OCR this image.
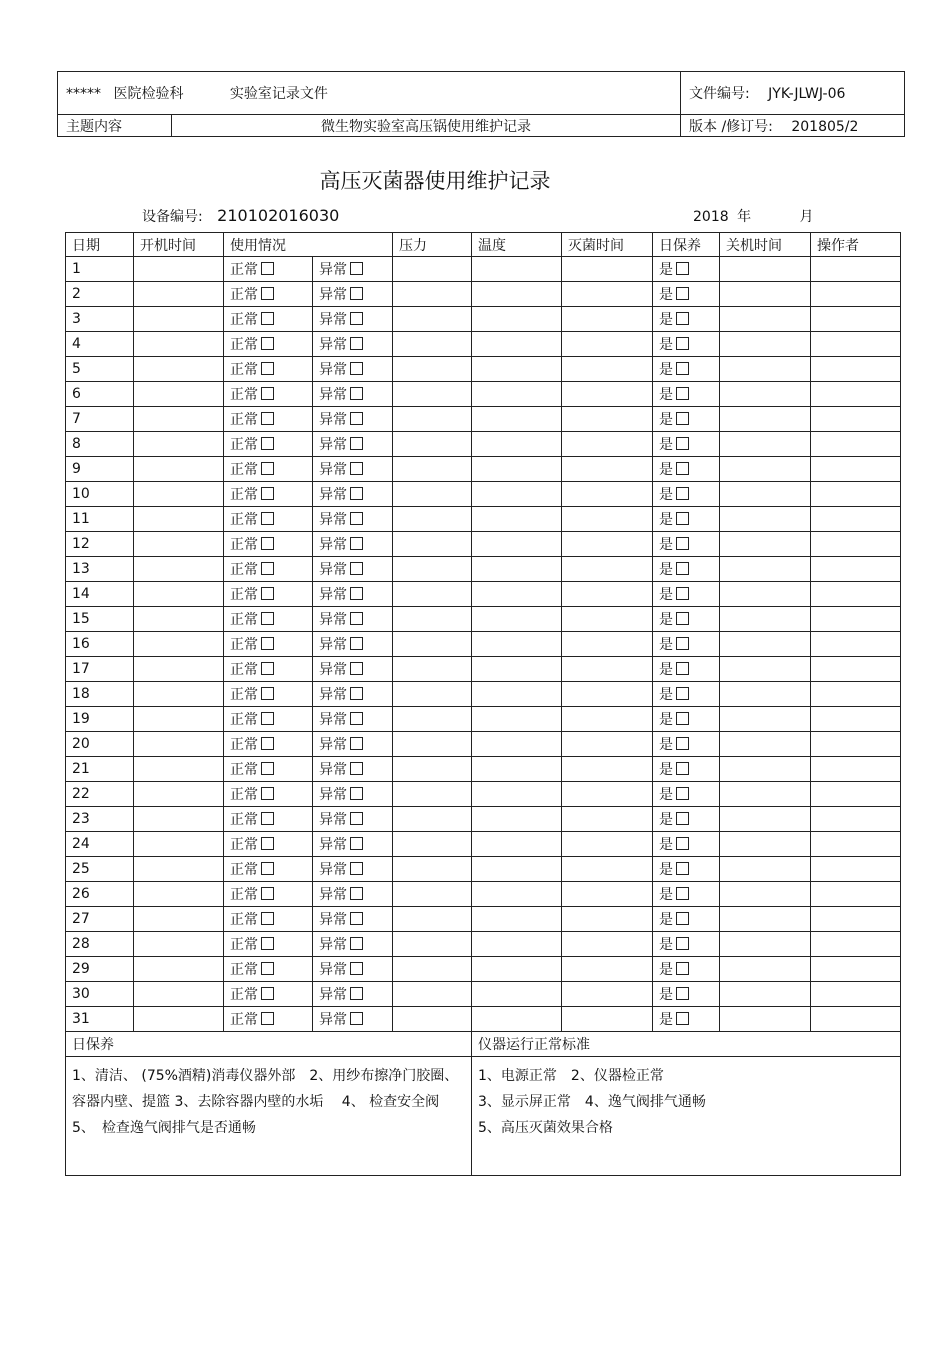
***** 医院检验科 实验室记录文件		文件编号: JYK-JLWJ-06
主题内容	微生物实验室高压锅使用维护记录	版本 /修订号: 201805/2
高压灭菌器使用维护记录
设备编号: 210102016030	2018 年	月
日期	开机时间	使用情况		压力	温度	灭菌时间	日保养	关机时间	操作者
1		正常	异常				是		
2		正常	异常				是		
3		正常	异常				是		
4		正常	异常				是		
5		正常	异常				是		
6		正常	异常				是		
7		正常	异常				是		
8		正常	异常				是		
9		正常	异常				是		
10		正常	异常				是		
11		正常	异常				是		
12		正常	异常				是		
13		正常	异常				是		
14		正常	异常				是		
15		正常	异常				是		
16		正常	异常				是		
17		正常	异常				是		
18		正常	异常				是		
19		正常	异常				是		
20		正常	异常				是		
21		正常	异常				是		
22		正常	异常				是		
23		正常	异常				是		
24		正常	异常				是		
25		正常	异常				是		
26		正常	异常				是		
27		正常	异常				是		
28		正常	异常				是		
29		正常	异常				是		
30		正常	异常				是		
31		正常	异常				是		
日保养					仪器运行正常标准				
1、清洁、 (75%酒精)消毒仪器外部　2、用纱布擦净门胶圈、容器内壁、提篮 3、去除容器内壁的水垢　 4、 检查安全阀　5、　检查逸气阀排气是否通畅					1、电源正常　2、仪器检正常
3、显示屏正常　4、逸气阀排气通畅
5、高压灭菌效果合格				
